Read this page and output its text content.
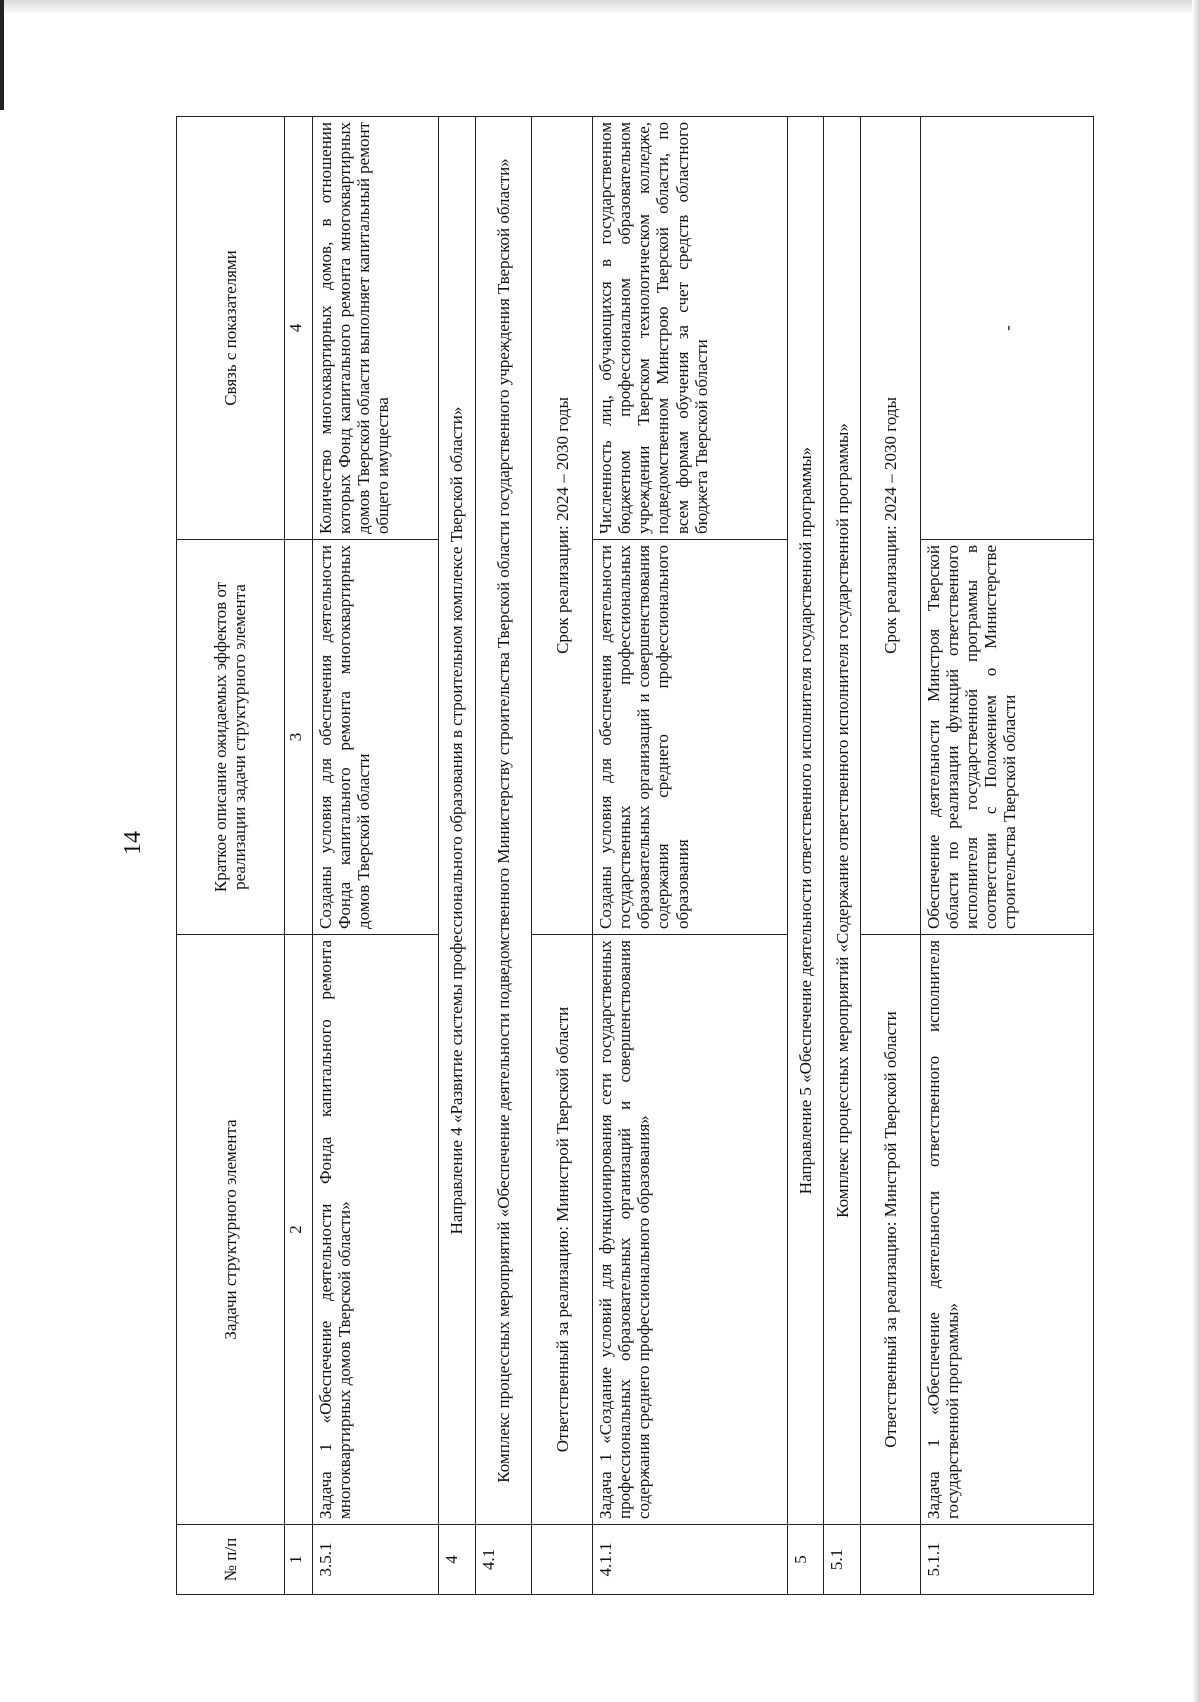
14
№ п/п	Задачи структурного элемента	Краткое описание ожидаемых эффектов от реализации задачи структурного элемента	Связь с показателями
1	2	3	4
3.5.1	Задача 1 «Обеспечение деятельности Фонда капитального ремонта многоквартирных домов Тверской области»	Созданы условия для обеспечения деятельности Фонда капитального ремонта многоквартирных домов Тверской области	Количество многоквартирных домов, в отношении которых Фонд капитального ремонта многоквартирных домов Тверской области выполняет капитальный ремонт общего имущества
4	Направление 4 «Развитие системы профессионального образования в строительном комплексе Тверской области»		
4.1	Комплекс процессных мероприятий «Обеспечение деятельности подведомственного Министерству строительства Тверской области государственного учреждения Тверской области»		
	Ответственный за реализацию: Министрой Тверской области	Срок реализации: 2024 – 2030 годы	
4.1.1	Задача 1 «Создание условий для функционирования сети государственных профессиональных образовательных организаций и совершенствования содержания среднего профессионального образования»	Созданы условия для обеспечения деятельности государственных профессиональных образовательных организаций и совершенствования содержания среднего профессионального образования	Численность лиц, обучающихся в государственном бюджетном профессиональном образовательном учреждении Тверском технологическом колледже, подведомственном Минстрою Тверской области, по всем формам обучения за счет средств областного бюджета Тверской области
5	Направление 5 «Обеспечение деятельности ответственного исполнителя государственной программы»		
5.1	Комплекс процессных мероприятий «Содержание ответственного исполнителя государственной программы»		
	Ответственный за реализацию: Минстрой Тверской области	Срок реализации: 2024 – 2030 годы	
5.1.1	Задача 1 «Обеспечение деятельности ответственного исполнителя государственной программы»	Обеспечение деятельности Минстроя Тверской области по реализации функций ответственного исполнителя государственной программы в соответствии с Положением о Министерстве строительства Тверской области	-
